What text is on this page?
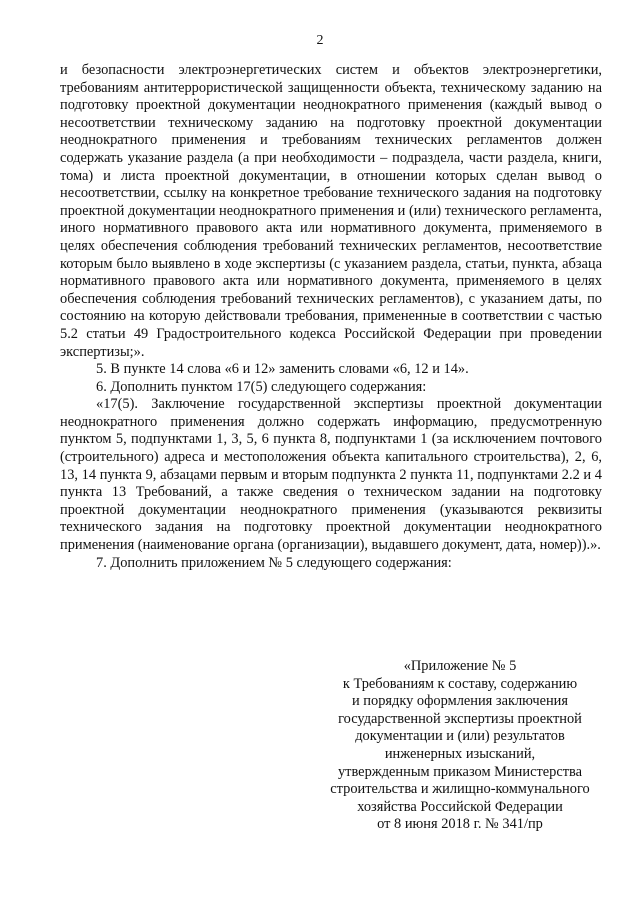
2

и безопасности электроэнергетических систем и объектов электроэнергетики, требованиям антитеррористической защищенности объекта, техническому заданию на подготовку проектной документации неоднократного применения (каждый вывод о несоответствии техническому заданию на подготовку проектной документации неоднократного применения и требованиям технических регламентов должен содержать указание раздела (а при необходимости – подраздела, части раздела, книги, тома) и листа проектной документации, в отношении которых сделан вывод о несоответствии, ссылку на конкретное требование технического задания на подготовку проектной документации неоднократного применения и (или) технического регламента, иного нормативного правового акта или нормативного документа, применяемого в целях обеспечения соблюдения требований технических регламентов, несоответствие которым было выявлено в ходе экспертизы (с указанием раздела, статьи, пункта, абзаца нормативного правового акта или нормативного документа, применяемого в целях обеспечения соблюдения требований технических регламентов), с указанием даты, по состоянию на которую действовали требования, примененные в соответствии с частью 5.2 статьи 49 Градостроительного кодекса Российской Федерации при проведении экспертизы;».

5. В пункте 14 слова «6 и 12» заменить словами «6, 12 и 14».

6. Дополнить пунктом 17(5) следующего содержания:

«17(5). Заключение государственной экспертизы проектной документации неоднократного применения должно содержать информацию, предусмотренную пунктом 5, подпунктами 1, 3, 5, 6 пункта 8, подпунктами 1 (за исключением почтового (строительного) адреса и местоположения объекта капитального строительства), 2, 6, 13, 14 пункта 9, абзацами первым и вторым подпункта 2 пункта 11, подпунктами 2.2 и 4 пункта 13 Требований, а также сведения о техническом задании на подготовку проектной документации неоднократного применения (указываются реквизиты технического задания на подготовку проектной документации неоднократного применения (наименование органа (организации), выдавшего документ, дата, номер)).».

7. Дополнить приложением № 5 следующего содержания:

«Приложение № 5
к Требованиям к составу, содержанию
и порядку оформления заключения
государственной экспертизы проектной
документации и (или) результатов
инженерных изысканий,
утвержденным приказом Министерства
строительства и жилищно-коммунального
хозяйства Российской Федерации
от 8 июня 2018 г. № 341/пр
